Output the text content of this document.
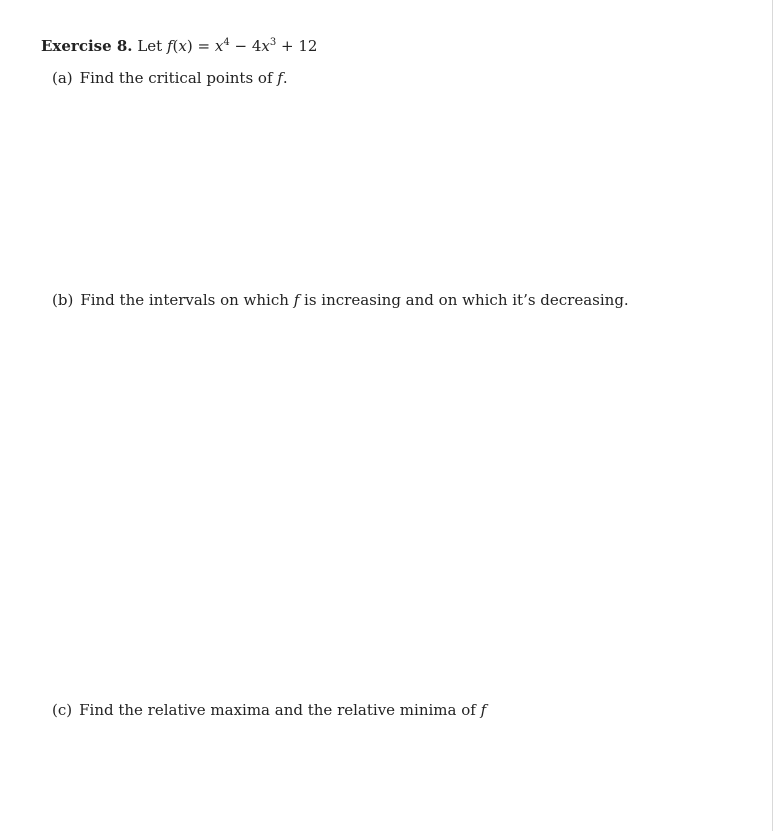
Exercise 8. Let $f(x) = x^4 - 4x^3 + 12$
(a) Find the critical points of f.
(b) Find the intervals on which f is increasing and on which it’s decreasing.
(c) Find the relative maxima and the relative minima of f
